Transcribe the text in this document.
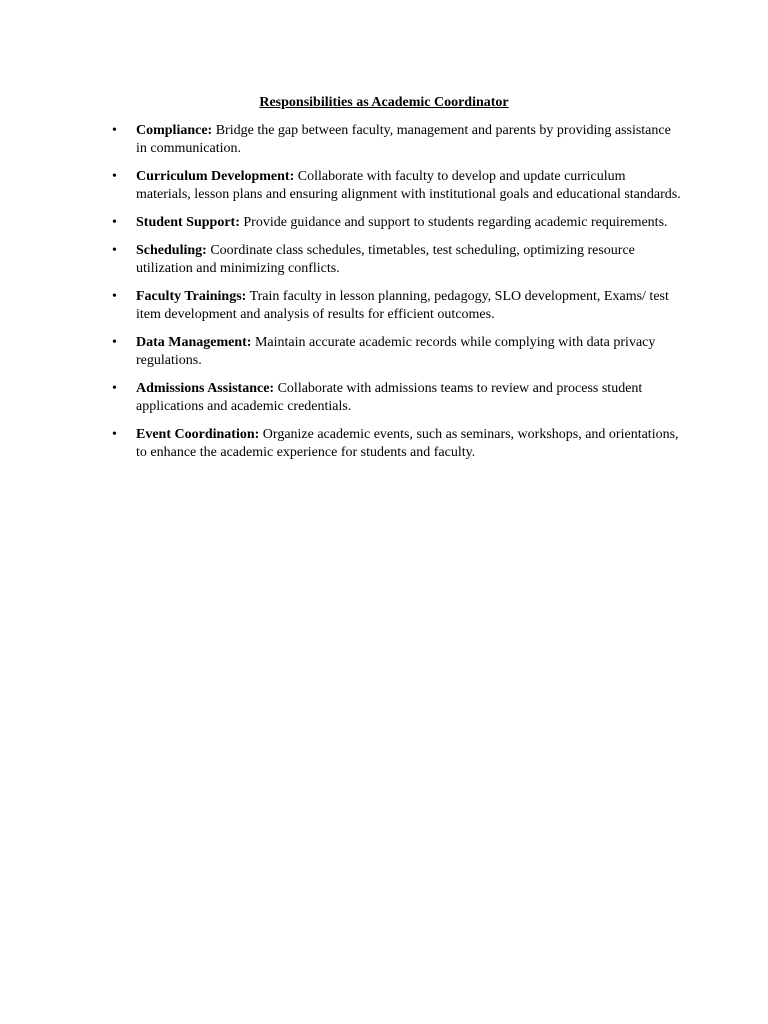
Responsibilities as Academic Coordinator
• Compliance: Bridge the gap between faculty, management and parents by providing assistance in communication.
• Curriculum Development: Collaborate with faculty to develop and update curriculum materials, lesson plans and ensuring alignment with institutional goals and educational standards.
• Student Support: Provide guidance and support to students regarding academic requirements.
• Scheduling: Coordinate class schedules, timetables, test scheduling, optimizing resource utilization and minimizing conflicts.
• Faculty Trainings: Train faculty in lesson planning, pedagogy, SLO development, Exams/ test item development and analysis of results for efficient outcomes.
• Data Management: Maintain accurate academic records while complying with data privacy regulations.
• Admissions Assistance: Collaborate with admissions teams to review and process student applications and academic credentials.
• Event Coordination: Organize academic events, such as seminars, workshops, and orientations, to enhance the academic experience for students and faculty.
